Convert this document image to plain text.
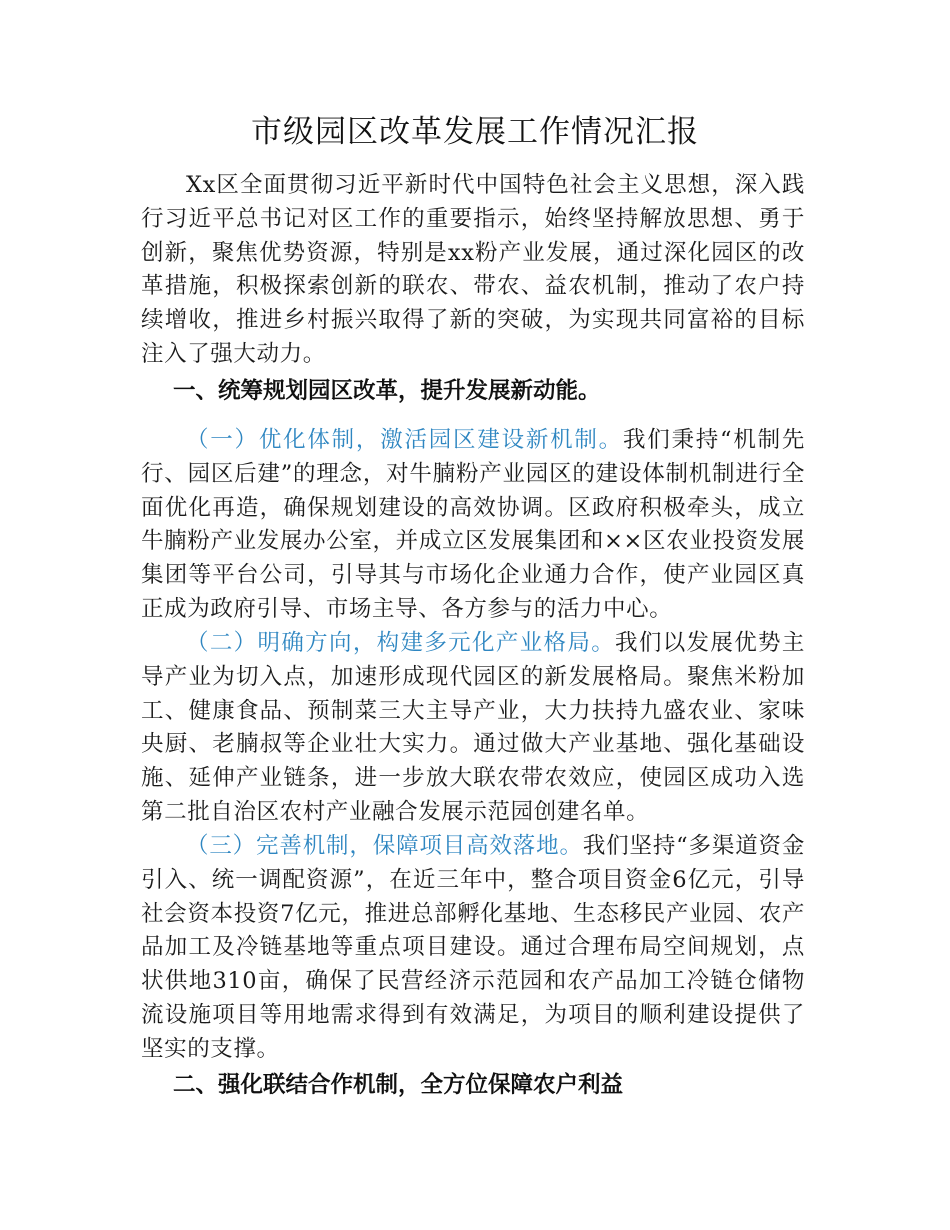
市级园区改革发展工作情况汇报

Xx区全面贯彻习近平新时代中国特色社会主义思想，深入践行习近平总书记对区工作的重要指示，始终坚持解放思想、勇于创新，聚焦优势资源，特别是xx粉产业发展，通过深化园区的改革措施，积极探索创新的联农、带农、益农机制，推动了农户持续增收，推进乡村振兴取得了新的突破，为实现共同富裕的目标注入了强大动力。

一、统筹规划园区改革，提升发展新动能。

（一）优化体制，激活园区建设新机制。我们秉持“机制先行、园区后建”的理念，对牛腩粉产业园区的建设体制机制进行全面优化再造，确保规划建设的高效协调。区政府积极牵头，成立牛腩粉产业发展办公室，并成立区发展集团和××区农业投资发展集团等平台公司，引导其与市场化企业通力合作，使产业园区真正成为政府引导、市场主导、各方参与的活力中心。

（二）明确方向，构建多元化产业格局。我们以发展优势主导产业为切入点，加速形成现代园区的新发展格局。聚焦米粉加工、健康食品、预制菜三大主导产业，大力扶持九盛农业、家味央厨、老腩叔等企业壮大实力。通过做大产业基地、强化基础设施、延伸产业链条，进一步放大联农带农效应，使园区成功入选第二批自治区农村产业融合发展示范园创建名单。

（三）完善机制，保障项目高效落地。我们坚持“多渠道资金引入、统一调配资源”，在近三年中，整合项目资金6亿元，引导社会资本投资7亿元，推进总部孵化基地、生态移民产业园、农产品加工及冷链基地等重点项目建设。通过合理布局空间规划，点状供地310亩，确保了民营经济示范园和农产品加工冷链仓储物流设施项目等用地需求得到有效满足，为项目的顺利建设提供了坚实的支撑。

二、强化联结合作机制，全方位保障农户利益
